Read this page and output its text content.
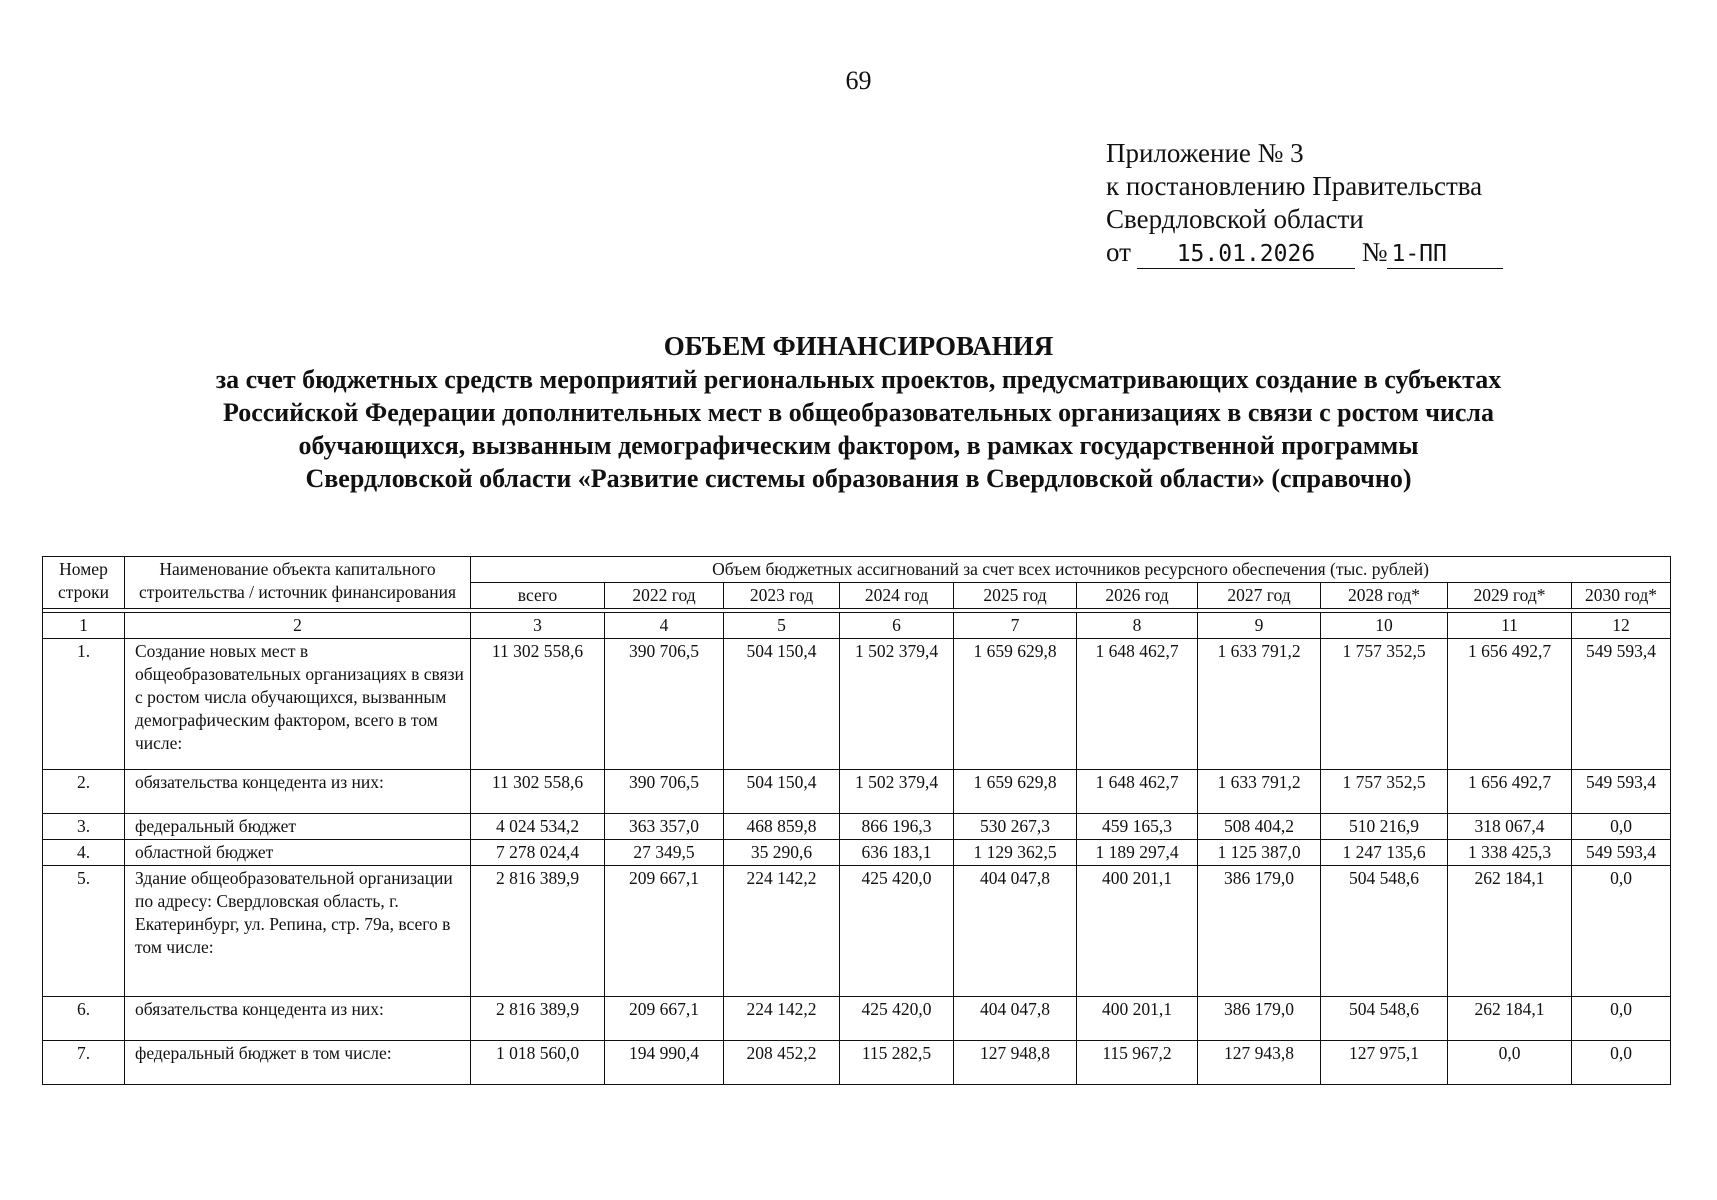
69
Приложение № 3
к постановлению Правительства
Свердловской области
от 15.01.2026 № 1-ПП
ОБЪЕМ ФИНАНСИРОВАНИЯ
за счет бюджетных средств мероприятий региональных проектов, предусматривающих создание в субъектах
Российской Федерации дополнительных мест в общеобразовательных организациях в связи с ростом числа
обучающихся, вызванным демографическим фактором, в рамках государственной программы
Свердловской области «Развитие системы образования в Свердловской области» (справочно)
Номер строки	Наименование объекта капитального строительства / источник финансирования	Объем бюджетных ассигнований за счет всех источников ресурсного обеспечения (тыс. рублей)									
		всего	2022 год	2023 год	2024 год	2025 год	2026 год	2027 год	2028 год*	2029 год*	2030 год*

1	2	3	4	5	6	7	8	9	10	11	12
1.	Создание новых мест в общеобразовательных организациях в связи с ростом числа обучающихся, вызванным демографическим фактором, всего в том числе:	11 302 558,6	390 706,5	504 150,4	1 502 379,4	1 659 629,8	1 648 462,7	1 633 791,2	1 757 352,5	1 656 492,7	549 593,4
2.	обязательства концедента из них:	11 302 558,6	390 706,5	504 150,4	1 502 379,4	1 659 629,8	1 648 462,7	1 633 791,2	1 757 352,5	1 656 492,7	549 593,4
3.	федеральный бюджет	4 024 534,2	363 357,0	468 859,8	866 196,3	530 267,3	459 165,3	508 404,2	510 216,9	318 067,4	0,0
4.	областной бюджет	7 278 024,4	27 349,5	35 290,6	636 183,1	1 129 362,5	1 189 297,4	1 125 387,0	1 247 135,6	1 338 425,3	549 593,4
5.	Здание общеобразовательной организации по адресу: Свердловская область, г. Екатеринбург, ул. Репина, стр. 79а, всего в том числе:	2 816 389,9	209 667,1	224 142,2	425 420,0	404 047,8	400 201,1	386 179,0	504 548,6	262 184,1	0,0
6.	обязательства концедента из них:	2 816 389,9	209 667,1	224 142,2	425 420,0	404 047,8	400 201,1	386 179,0	504 548,6	262 184,1	0,0
7.	федеральный бюджет в том числе:	1 018 560,0	194 990,4	208 452,2	115 282,5	127 948,8	115 967,2	127 943,8	127 975,1	0,0	0,0
